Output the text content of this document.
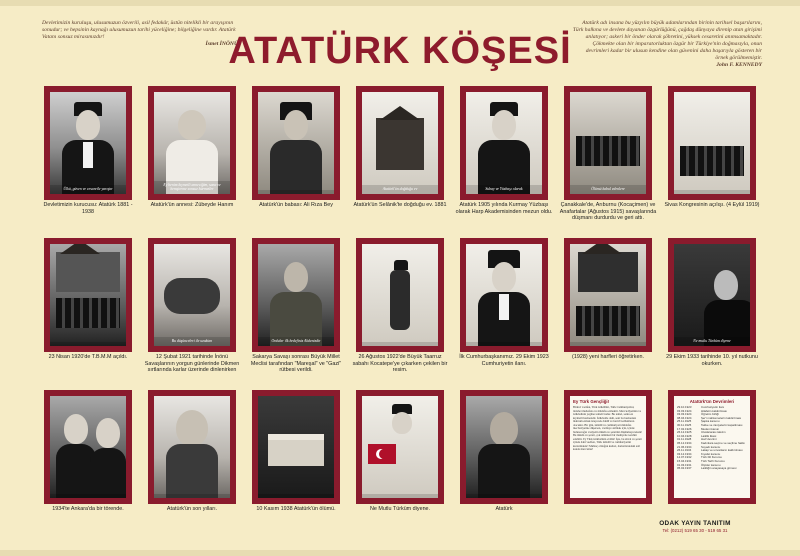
Devletimizin kuruluşu, ulusumuzun özverili, asil fedakâr, üstün nitelikli bir arayışının sonudur; ve hepsinin kaynağı ulusumuzun tarihi yüceliğine; bilgeliğine vardır. Atatürk Vatanı sonsuz mirasımızdır!
İsmet İNÖNÜ
ATATÜRK KÖŞESİ
Atatürk adı insana bu yüzyılın büyük adamlarından birinin tarihsel başarılarını, Türk halkına ve devlete dayanan özgürlüğünü, çağdaş dünyaya direnip atan girişimi anlatıyor; askeri bir önder olarak şöhretini, yüksek cesaretini anımsamaktadır. Çökmekte olan bir imparatorluktan özgür bir Türkiye'nin doğmasıyla, onun devrimleri kadar bir ulusun kendine olan güvenini daha başarıyla gösteren bir örnek görülmemiştir.
John F. KENNEDY
Ülkü, güven ve cesaretle yarıştır
Devletimizin kurucusu: Atatürk 1881 - 1938
Ey benim kıymetli anneciğim, sana ve hemşireme sonsuz hürmetler
Atatürk'ün annesi: Zübeyde Hanım	Atatürk'ün babası: Ali Rıza Bey
Atatürk'ün doğduğu ev
Atatürk'ün Selânik'te doğduğu ev. 1881
Subay ve Yüzbaşı olarak
Atatürk 1905 yılında Kurmay Yüzbaşı olarak Harp Akademisinden mezun oldu.
Ölümü kabul edenlere
Çanakkale'de, Arıburnu (Kocaçimen) ve Anafartalar (Ağustos 1915) savaşlarında düşmanı durdurdu ve geri attı.
Sivas Kongresinin açılışı. (4 Eylül 1919)
23 Nisan 1920'de T.B.M.M açıldı.
Bu düşünceleri ile uzaktan
12 Şubat 1921 tarihinde İnönü Savaşlarının yorgun günlerinde Dikmen sırtlarında karlar üzerinde dinlenirken
Ordular ilk hedefiniz Akdenizdir
Sakarya Savaşı sonrası Büyük Millet Meclisi tarafından "Mareşal" ve "Gazi" rütbesi verildi.
26 Ağustos 1922'de Büyük Taarruz sabahı Kocatepe'ye çıkarken çekilen bir resim.
İlk Cumhurbaşkanımız. 29 Ekim 1923 Cumhuriyetin ilanı.
(1928) yeni harfleri öğretirken.
Ne mutlu Türküm diyene
29 Ekim 1933 tarihinde 10. yıl nutkunu okurken.
1934'te Ankara'da bir törende.	Atatürk'ün son yılları.	10 Kasım 1938 Atatürk'ün ölümü.	Ne Mutlu Türküm diyene.	Atatürk
Ey Türk Gençliği!
Birinci vazifen, Türk istiklâlini, Türk Cumhuriyetini, ilelebet muhafaza ve müdafaa etmektir. Mevcudiyetinin ve istikbalinin yegâne temeli budur. Bu temel, senin en kıymetli hazinendir. İstikbalde dahi, seni bu hazineden mahrum etmek isteyecek dahilî ve haricî bedhahların olacaktır. Bir gün, istiklâl ve cumhuriyeti müdafaa mecburiyetine düşersen, vazifeye atılmak için, içinde bulunacağın vaziyetin imkân ve şeraitini düşünmeyeceksin! Bu imkân ve şerait, çok nâmüsait bir mahiyette tezahür edebilir. Ey Türk istikbalinin evlâdı! İşte, bu ahval ve şerait içinde dahi vazifen, Türk istiklâl ve cumhuriyetini kurtarmaktır! Muhtaç olduğun kudret, damarlarındaki asil kanda mevcuttur!
Atatürk'ün Devrimleri
29.10.1923	Cumhuriyetin ilanı
03.03.1924	Hilafetin kaldırılması
03.03.1924	Öğretim birliği
08.04.1924	Şer'i mahkemelerin kaldırılması
25.11.1925	Şapka kanunu
30.11.1925	Tekke ve zaviyelerin kapatılması
17.02.1926	Medeni kanun
26.12.1925	Uluslararası takvim
10.04.1928	Laiklik ilkesi
01.11.1928	Harf devrimi
05.12.1934	Kadınlara seçme ve seçilme hakkı
21.06.1934	Soyadı kanunu
26.11.1934	Lakap ve unvanların kaldırılması
03.12.1934	Kıyafet kanunu
12.07.1932	Türk Dil Kurumu
15.04.1931	Türk Tarih Kurumu
01.03.1931	Ölçüler kanunu
05.02.1937	Laikliğin anayasaya girmesi
ODAK YAYIN TANITIM
Tel: (0212) 519 65 30 - 519 65 31
